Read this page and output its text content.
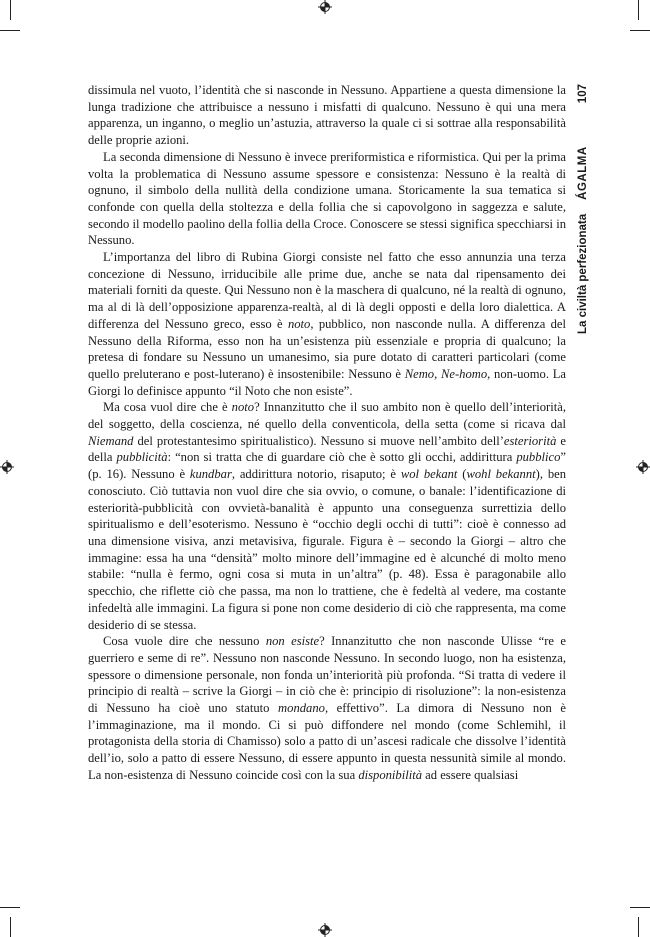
La civiltà perfezionata
ÁGALMA
107

dissimula nel vuoto, l’identità che si nasconde in Nessuno. Appartiene a questa dimensione la lunga tradizione che attribuisce a nessuno i misfatti di qualcuno. Nessuno è qui una mera apparenza, un inganno, o meglio un’astuzia, attraverso la quale ci si sottrae alla responsabilità delle proprie azioni.

La seconda dimensione di Nessuno è invece preriformistica e riformistica. Qui per la prima volta la problematica di Nessuno assume spessore e consistenza: Nessuno è la realtà di ognuno, il simbolo della nullità della condizione umana. Storicamente la sua tematica si confonde con quella della stoltezza e della follia che si capovolgono in saggezza e salute, secondo il modello paolino della follia della Croce. Conoscere se stessi significa specchiarsi in Nessuno.

L’importanza del libro di Rubina Giorgi consiste nel fatto che esso annunzia una terza concezione di Nessuno, irriducibile alle prime due, anche se nata dal ripensamento dei materiali forniti da queste. Qui Nessuno non è la maschera di qualcuno, né la realtà di ognuno, ma al di là dell’opposizione apparenza-realtà, al di là degli opposti e della loro dialettica. A differenza del Nessuno greco, esso è noto, pubblico, non nasconde nulla. A differenza del Nessuno della Riforma, esso non ha un’esistenza più essenziale e propria di qualcuno; la pretesa di fondare su Nessuno un umanesimo, sia pure dotato di caratteri particolari (come quello preluterano e post-luterano) è insostenibile: Nessuno è Nemo, Ne-homo, non-uomo. La Giorgi lo definisce appunto “il Noto che non esiste”.

Ma cosa vuol dire che è noto? Innanzitutto che il suo ambito non è quello dell’interiorità, del soggetto, della coscienza, né quello della conventicola, della setta (come si ricava dal Niemand del protestantesimo spiritualistico). Nessuno si muove nell’ambito dell’esteriorità e della pubblicità: “non si tratta che di guardare ciò che è sotto gli occhi, addirittura pubblico” (p. 16). Nessuno è kundbar, addirittura notorio, risaputo; è wol bekant (wohl bekannt), ben conosciuto. Ciò tuttavia non vuol dire che sia ovvio, o comune, o banale: l’identificazione di esteriorità-pubblicità con ovvietà-banalità è appunto una conseguenza surrettizia dello spiritualismo e dell’esoterismo. Nessuno è “occhio degli occhi di tutti”: cioè è connesso ad una dimensione visiva, anzi metavisiva, figurale. Figura è – secondo la Giorgi – altro che immagine: essa ha una “densità” molto minore dell’immagine ed è alcunché di molto meno stabile: “nulla è fermo, ogni cosa si muta in un’altra” (p. 48). Essa è paragonabile allo specchio, che riflette ciò che passa, ma non lo trattiene, che è fedeltà al vedere, ma costante infedeltà alle immagini. La figura si pone non come desiderio di ciò che rappresenta, ma come desiderio di se stessa.

Cosa vuole dire che nessuno non esiste? Innanzitutto che non nasconde Ulisse “re e guerriero e seme di re”. Nessuno non nasconde Nessuno. In secondo luogo, non ha esistenza, spessore o dimensione personale, non fonda un’interiorità più profonda. “Si tratta di vedere il principio di realtà – scrive la Giorgi – in ciò che è: principio di risoluzione”: la non-esistenza di Nessuno ha cioè uno statuto mondano, effettivo”. La dimora di Nessuno non è l’immaginazione, ma il mondo. Ci si può diffondere nel mondo (come Schlemihl, il protagonista della storia di Chamisso) solo a patto di un’ascesi radicale che dissolve l’identità dell’io, solo a patto di essere Nessuno, di essere appunto in questa nessunità simile al mondo. La non-esistenza di Nessuno coincide così con la sua disponibilità ad essere qualsiasi
